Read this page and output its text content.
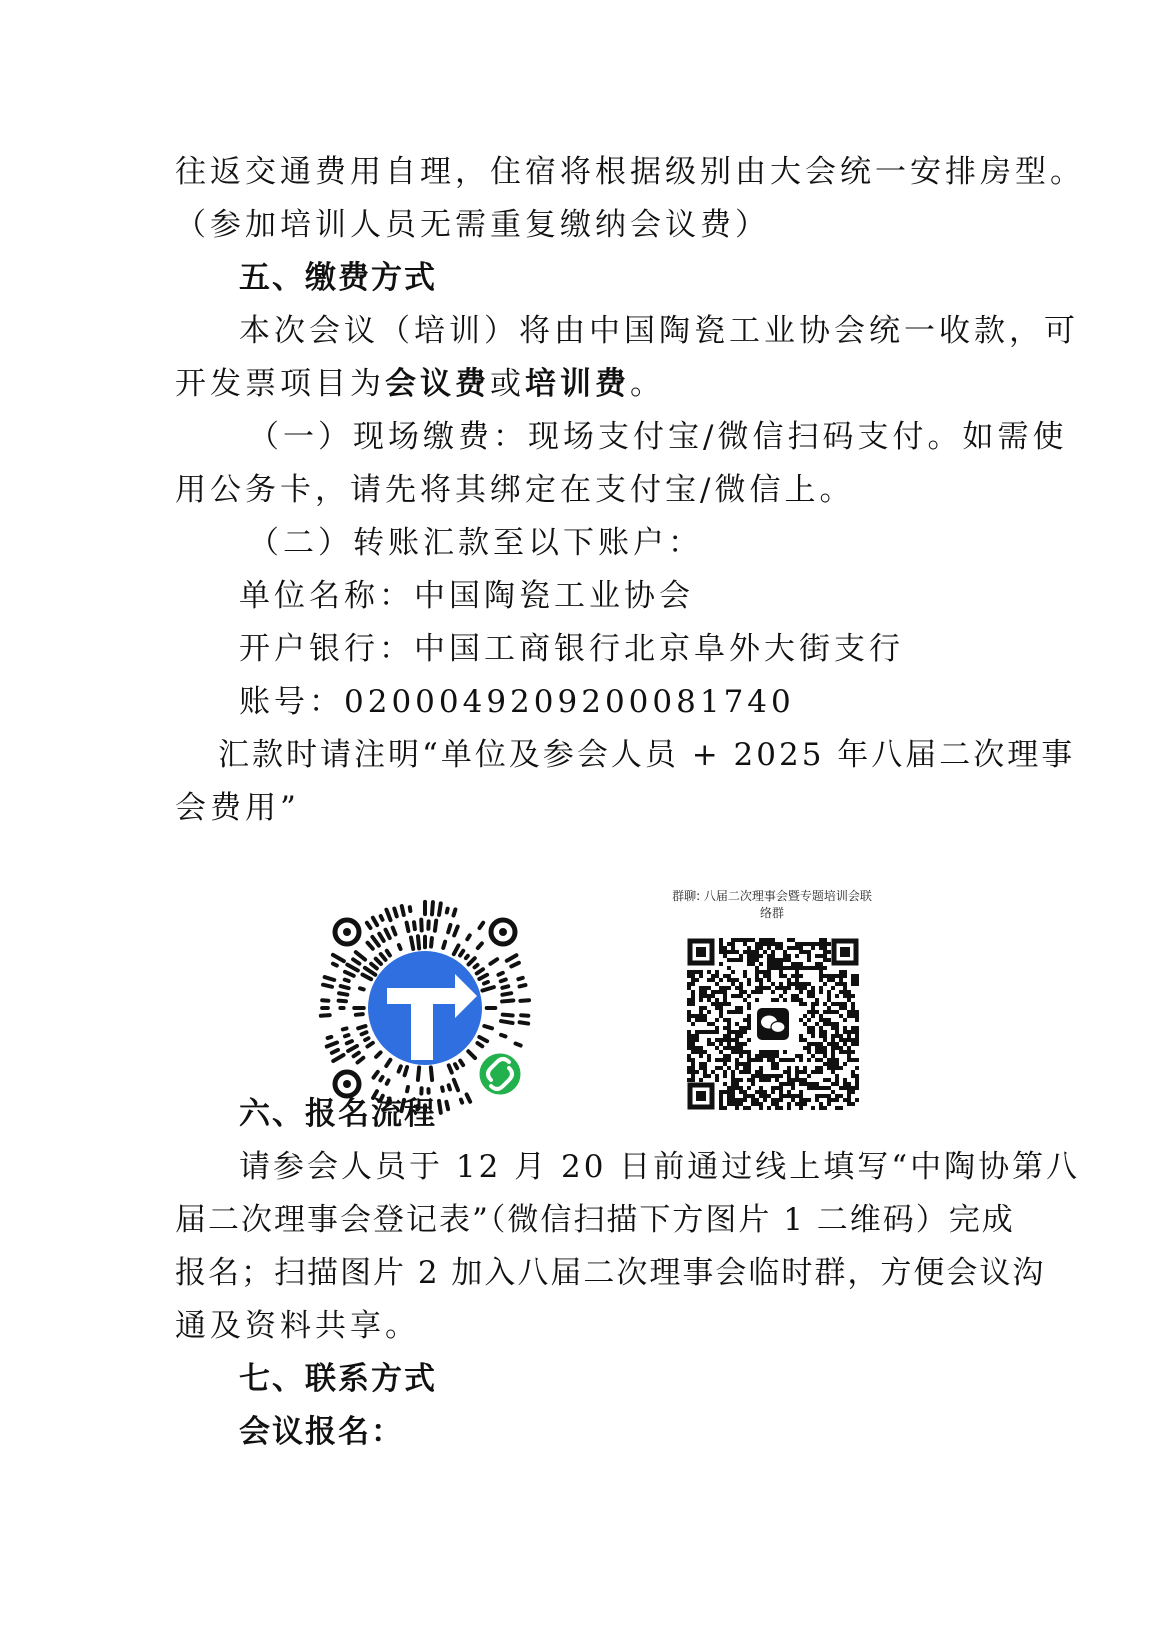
往返交通费用自理，住宿将根据级别由大会统一安排房型。
（参加培训人员无需重复缴纳会议费）
五、缴费方式
本次会议（培训）将由中国陶瓷工业协会统一收款，可
开发票项目为会议费或培训费。
（一）现场缴费：现场支付宝/微信扫码支付。如需使
用公务卡，请先将其绑定在支付宝/微信上。
（二）转账汇款至以下账户：
单位名称：中国陶瓷工业协会
开户银行：中国工商银行北京阜外大街支行
账号：0200049209200081740
汇款时请注明“单位及参会人员 + 2025 年八届二次理事
会费用”
群聊: 八届二次理事会暨专题培训会联络群
六、报名流程
请参会人员于 12 月 20 日前通过线上填写“中陶协第八
届二次理事会登记表”（微信扫描下方图片 1 二维码）完成
报名；扫描图片 2 加入八届二次理事会临时群，方便会议沟
通及资料共享。
七、联系方式
会议报名：
